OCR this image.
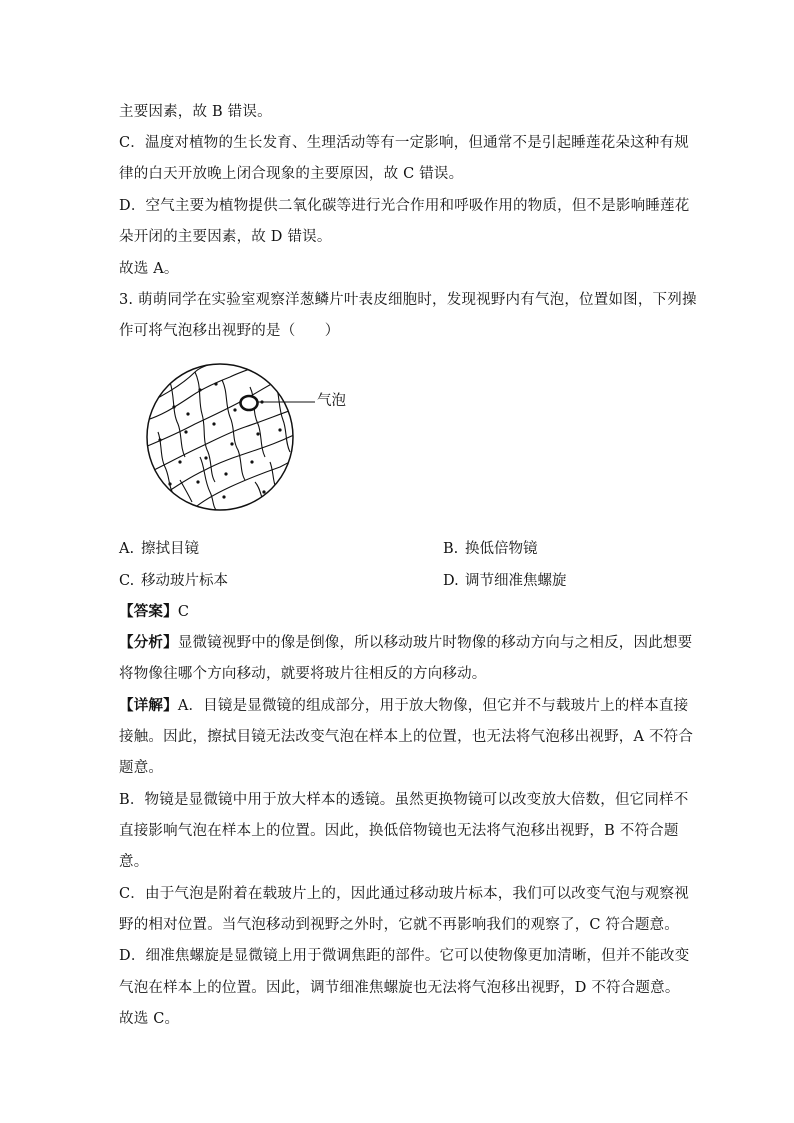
主要因素，故 B 错误。
C．温度对植物的生长发育、生理活动等有一定影响，但通常不是引起睡莲花朵这种有规
律的白天开放晚上闭合现象的主要原因，故 C 错误。
D．空气主要为植物提供二氧化碳等进行光合作用和呼吸作用的物质，但不是影响睡莲花
朵开闭的主要因素，故 D 错误。
故选 A。
3. 萌萌同学在实验室观察洋葱鳞片叶表皮细胞时，发现视野内有气泡，位置如图，下列操
作可将气泡移出视野的是（　　）
气泡
A. 擦拭目镜	B. 换低倍物镜
C. 移动玻片标本	D. 调节细准焦螺旋
【答案】C
【分析】显微镜视野中的像是倒像，所以移动玻片时物像的移动方向与之相反，因此想要
将物像往哪个方向移动，就要将玻片往相反的方向移动。
【详解】A．目镜是显微镜的组成部分，用于放大物像，但它并不与载玻片上的样本直接
接触。因此，擦拭目镜无法改变气泡在样本上的位置，也无法将气泡移出视野，A 不符合
题意。
B．物镜是显微镜中用于放大样本的透镜。虽然更换物镜可以改变放大倍数，但它同样不
直接影响气泡在样本上的位置。因此，换低倍物镜也无法将气泡移出视野，B 不符合题
意。
C．由于气泡是附着在载玻片上的，因此通过移动玻片标本，我们可以改变气泡与观察视
野的相对位置。当气泡移动到视野之外时，它就不再影响我们的观察了，C 符合题意。
D．细准焦螺旋是显微镜上用于微调焦距的部件。它可以使物像更加清晰，但并不能改变
气泡在样本上的位置。因此，调节细准焦螺旋也无法将气泡移出视野，D 不符合题意。
故选 C。
